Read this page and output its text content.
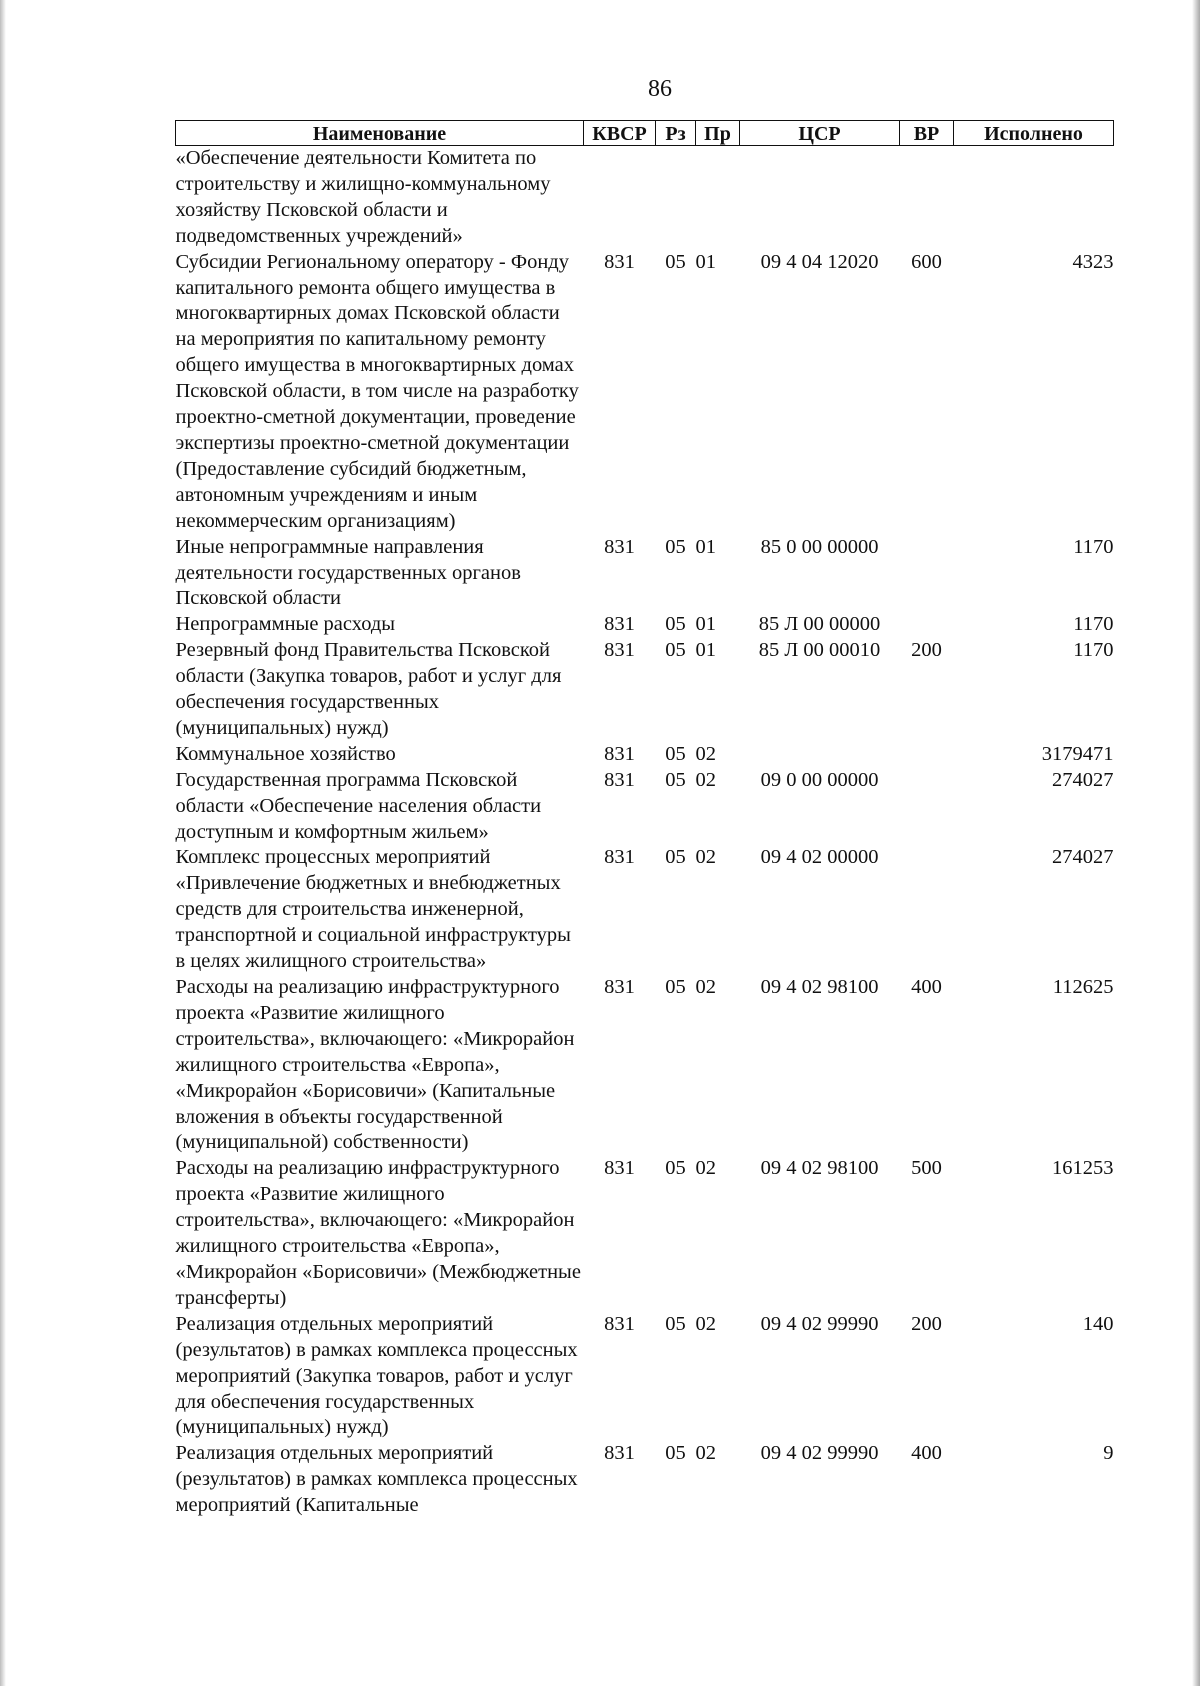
86
Наименование	КВСР	Рз	Пр	ЦСР	ВР	Исполнено
«Обеспечение деятельности Комитета по строительству и жилищно-коммунальному хозяйству Псковской области и подведомственных учреждений»						
Субсидии Региональному оператору - Фонду капитального ремонта общего имущества в многоквартирных домах Псковской области на мероприятия по капитальному ремонту общего имущества в многоквартирных домах Псковской области, в том числе на разработку проектно-сметной документации, проведение экспертизы проектно-сметной документации (Предоставление субсидий бюджетным, автономным учреждениям и иным некоммерческим организациям)	831	05	01	09 4 04 12020	600	4323
Иные непрограммные направления деятельности государственных органов Псковской области	831	05	01	85 0 00 00000		1170
Непрограммные расходы	831	05	01	85 Л 00 00000		1170
Резервный фонд Правительства Псковской области (Закупка товаров, работ и услуг для обеспечения государственных (муниципальных) нужд)	831	05	01	85 Л 00 00010	200	1170
Коммунальное хозяйство	831	05	02			3179471
Государственная программа Псковской области «Обеспечение населения области доступным и комфортным жильем»	831	05	02	09 0 00 00000		274027
Комплекс процессных мероприятий «Привлечение бюджетных и внебюджетных средств для строительства инженерной, транспортной и социальной инфраструктуры в целях жилищного строительства»	831	05	02	09 4 02 00000		274027
Расходы на реализацию инфраструктурного проекта «Развитие жилищного строительства», включающего: «Микрорайон жилищного строительства «Европа», «Микрорайон «Борисовичи» (Капитальные вложения в объекты государственной (муниципальной) собственности)	831	05	02	09 4 02 98100	400	112625
Расходы на реализацию инфраструктурного проекта «Развитие жилищного строительства», включающего: «Микрорайон жилищного строительства «Европа», «Микрорайон «Борисовичи» (Межбюджетные трансферты)	831	05	02	09 4 02 98100	500	161253
Реализация отдельных мероприятий (результатов) в рамках комплекса процессных мероприятий (Закупка товаров, работ и услуг для обеспечения государственных (муниципальных) нужд)	831	05	02	09 4 02 99990	200	140
Реализация отдельных мероприятий (результатов) в рамках комплекса процессных мероприятий (Капитальные	831	05	02	09 4 02 99990	400	9
